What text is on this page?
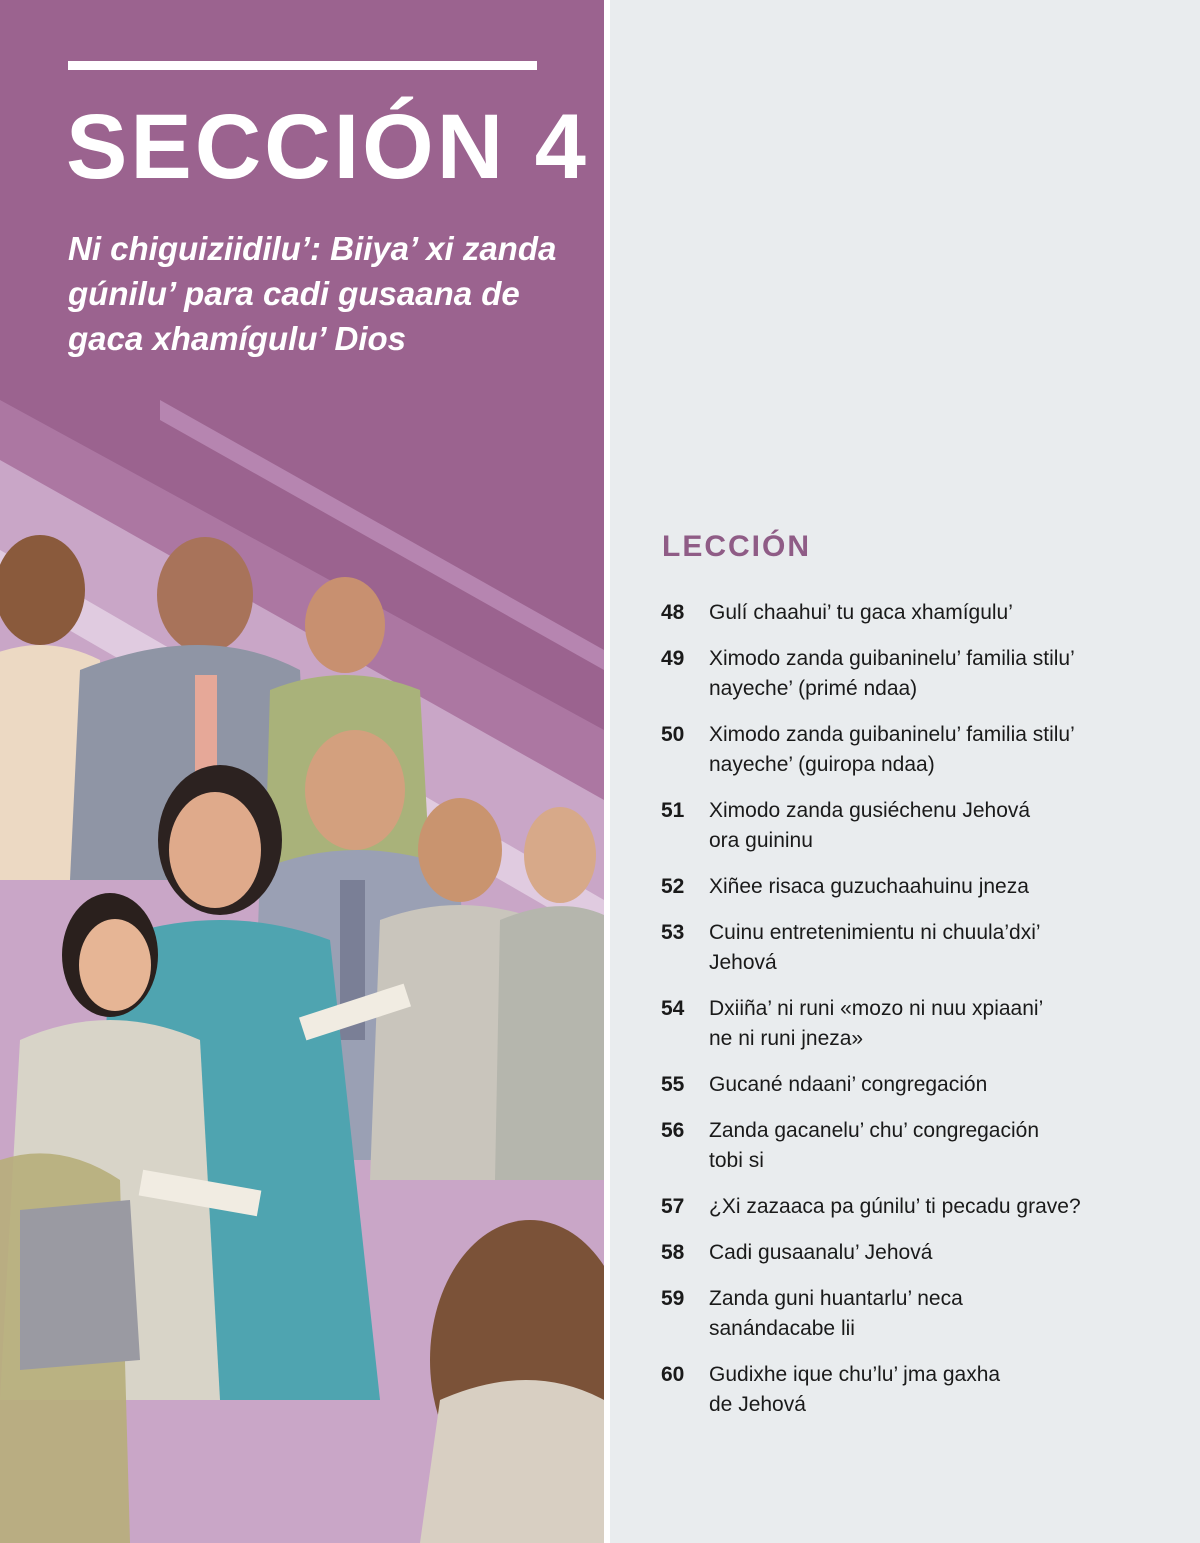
SECCIÓN 4

Ni chiguiziidilu’: Biiya’ xi zanda gúnilu’ para cadi gusaana de gaca xhamígulu’ Dios

LECCIÓN
48	Gulí chaahui’ tu gaca xhamígulu’
49	Ximodo zanda guibaninelu’ familia stilu’
nayeche’ (primé ndaa)
50	Ximodo zanda guibaninelu’ familia stilu’
nayeche’ (guiropa ndaa)
51	Ximodo zanda gusiéchenu Jehová
ora guininu
52	Xiñee risaca guzuchaahuinu jneza
53	Cuinu entretenimientu ni chuula’dxi’
Jehová
54	Dxiiña’ ni runi «mozo ni nuu xpiaani’
ne ni runi jneza»
55	Gucané ndaani’ congregación
56	Zanda gacanelu’ chu’ congregación
tobi si
57	¿Xi zazaaca pa gúnilu’ ti pecadu grave?
58	Cadi gusaanalu’ Jehová
59	Zanda guni huantarlu’ neca
sanándacabe lii
60	Gudixhe ique chu’lu’ jma gaxha
de Jehová
